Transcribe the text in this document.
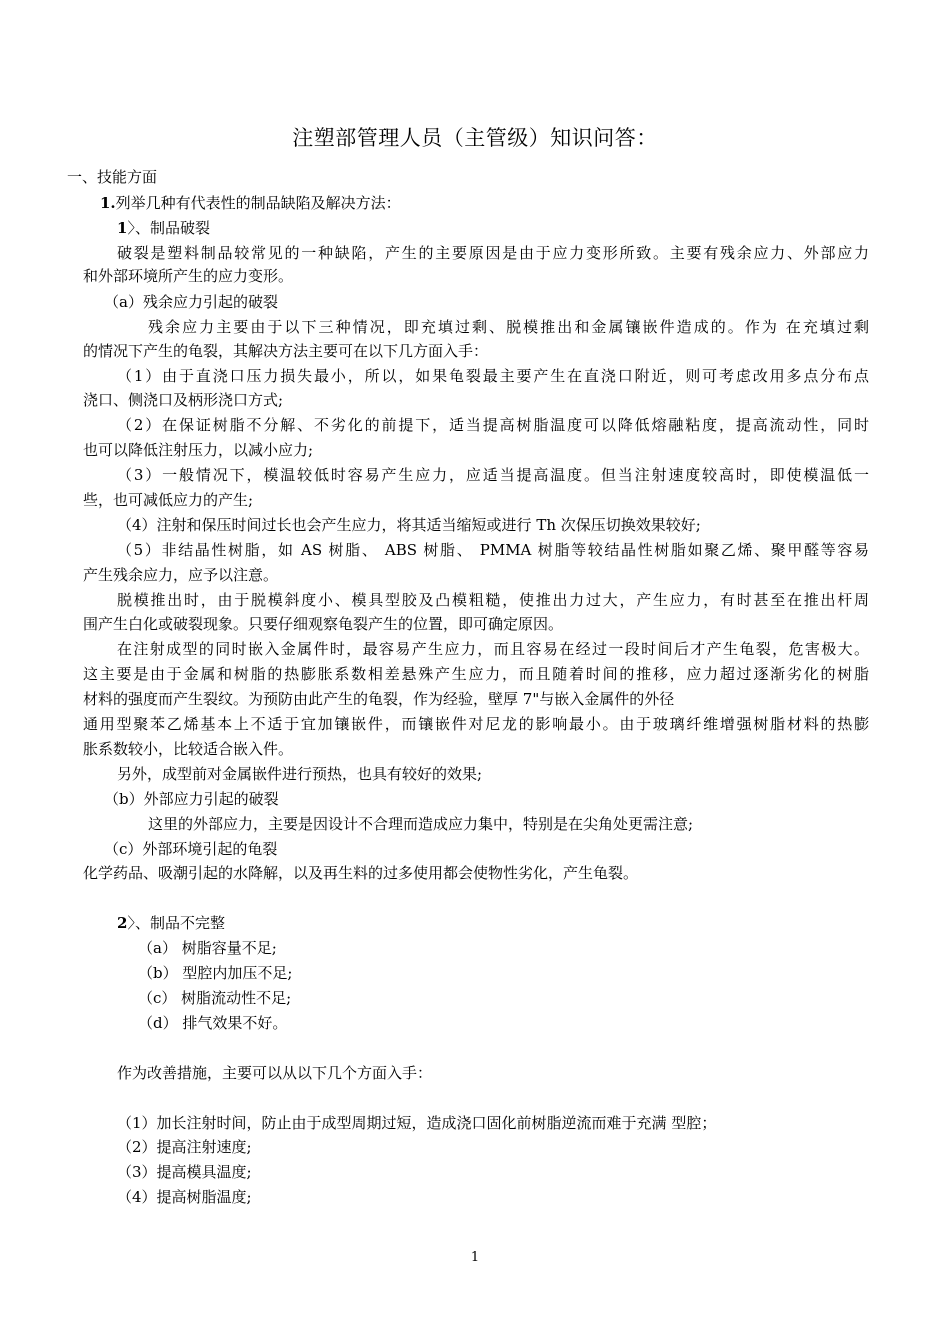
注塑部管理人员（主管级）知识问答：
一、技能方面
1.列举几种有代表性的制品缺陷及解决方法：
1〉、制品破裂
破裂是塑料制品较常见的一种缺陷，产生的主要原因是由于应力变形所致。主要有残余应力、外部应力
和外部环境所产生的应力变形。
（a）残余应力引起的破裂
残余应力主要由于以下三种情况，即充填过剩、脱模推出和金属镶嵌件造成的。作为 在充填过剩
的情况下产生的龟裂，其解决方法主要可在以下几方面入手：
（1）由于直浇口压力损失最小，所以，如果龟裂最主要产生在直浇口附近，则可考虑改用多点分布点
浇口、侧浇口及柄形浇口方式;
（2）在保证树脂不分解、不劣化的前提下，适当提高树脂温度可以降低熔融粘度，提高流动性，同时
也可以降低注射压力，以减小应力;
（3）一般情况下，模温较低时容易产生应力，应适当提高温度。但当注射速度较高时，即使模温低一
些，也可减低应力的产生;
（4）注射和保压时间过长也会产生应力，将其适当缩短或进行 Th 次保压切换效果较好;
（5）非结晶性树脂，如 AS 树脂、 ABS 树脂、 PMMA 树脂等较结晶性树脂如聚乙烯、聚甲醛等容易
产生残余应力，应予以注意。
脱模推出时，由于脱模斜度小、模具型胶及凸模粗糙，使推出力过大，产生应力，有时甚至在推出杆周
围产生白化或破裂现象。只要仔细观察龟裂产生的位置，即可确定原因。
在注射成型的同时嵌入金属件时，最容易产生应力，而且容易在经过一段时间后才产生龟裂，危害极大。
这主要是由于金属和树脂的热膨胀系数相差悬殊产生应力，而且随着时间的推移，应力超过逐渐劣化的树脂
材料的强度而产生裂纹。为预防由此产生的龟裂，作为经验，壁厚 7"与嵌入金属件的外径
通用型聚苯乙烯基本上不适于宜加镶嵌件，而镶嵌件对尼龙的影响最小。由于玻璃纤维增强树脂材料的热膨
胀系数较小，比较适合嵌入件。
另外，成型前对金属嵌件进行预热，也具有较好的效果;
（b）外部应力引起的破裂
这里的外部应力，主要是因设计不合理而造成应力集中，特别是在尖角处更需注意;
（c）外部环境引起的龟裂
化学药品、吸潮引起的水降解，以及再生料的过多使用都会使物性劣化，产生龟裂。
2〉、制品不完整
（a） 树脂容量不足;
（b） 型腔内加压不足;
（c） 树脂流动性不足;
（d） 排气效果不好。
作为改善措施，主要可以从以下几个方面入手：
（1）加长注射时间，防止由于成型周期过短，造成浇口固化前树脂逆流而难于充满 型腔；
（2）提高注射速度;
（3）提高模具温度;
（4）提高树脂温度;
1
